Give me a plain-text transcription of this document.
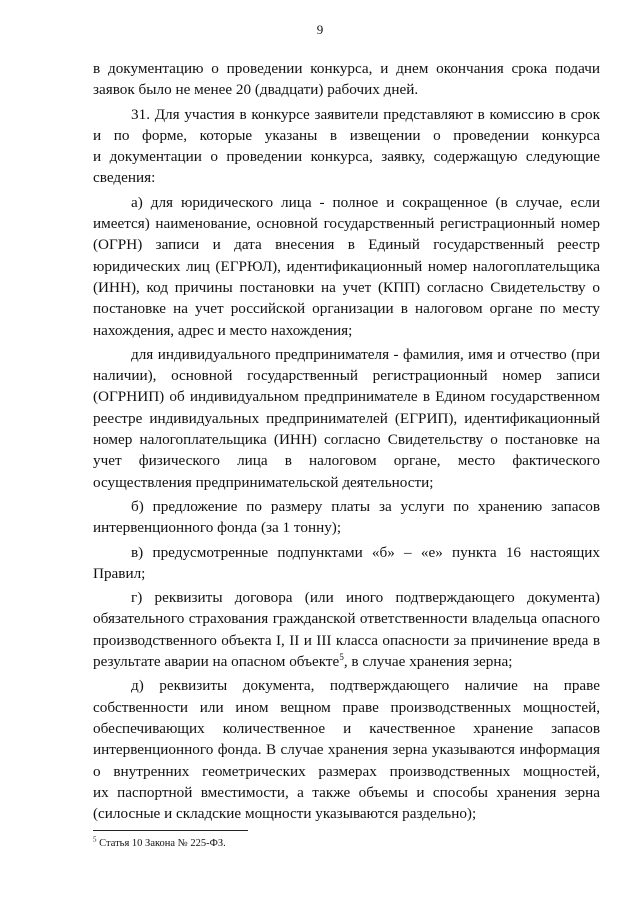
9
в документацию о проведении конкурса, и днем окончания срока подачи
заявок было не менее 20 (двадцати) рабочих дней.
31. Для участия в конкурсе заявители представляют в комиссию в срок
и по форме, которые указаны в извещении о проведении конкурса
и документации о проведении конкурса, заявку, содержащую следующие
сведения:
а) для юридического лица - полное и сокращенное (в случае, если
имеется) наименование, основной государственный регистрационный номер
(ОГРН) записи и дата внесения в Единый государственный реестр
юридических лиц (ЕГРЮЛ), идентификационный номер налогоплательщика
(ИНН), код причины постановки на учет (КПП) согласно Свидетельству о
постановке на учет российской организации в налоговом органе по месту
нахождения, адрес и место нахождения;
для индивидуального предпринимателя - фамилия, имя и отчество (при
наличии), основной государственный регистрационный номер записи
(ОГРНИП) об индивидуальном предпринимателе в Едином государственном
реестре индивидуальных предпринимателей (ЕГРИП), идентификационный
номер налогоплательщика (ИНН) согласно Свидетельству о постановке на
учет физического лица в налоговом органе, место фактического
осуществления предпринимательской деятельности;
б) предложение по размеру платы за услуги по хранению запасов
интервенционного фонда (за 1 тонну);
в) предусмотренные подпунктами «б» – «е» пункта 16 настоящих
Правил;
г) реквизиты договора (или иного подтверждающего документа)
обязательного страхования гражданской ответственности владельца опасного
производственного объекта I, II и III класса опасности за причинение вреда в
результате аварии на опасном объекте$^5$, в случае хранения зерна;
д) реквизиты документа, подтверждающего наличие на праве
собственности или ином вещном праве производственных мощностей,
обеспечивающих количественное и качественное хранение запасов
интервенционного фонда. В случае хранения зерна указываются информация
о внутренних геометрических размерах производственных мощностей,
их паспортной вместимости, а также объемы и способы хранения зерна
(силосные и складские мощности указываются раздельно);
$^5$ Статья 10 Закона № 225-ФЗ.
